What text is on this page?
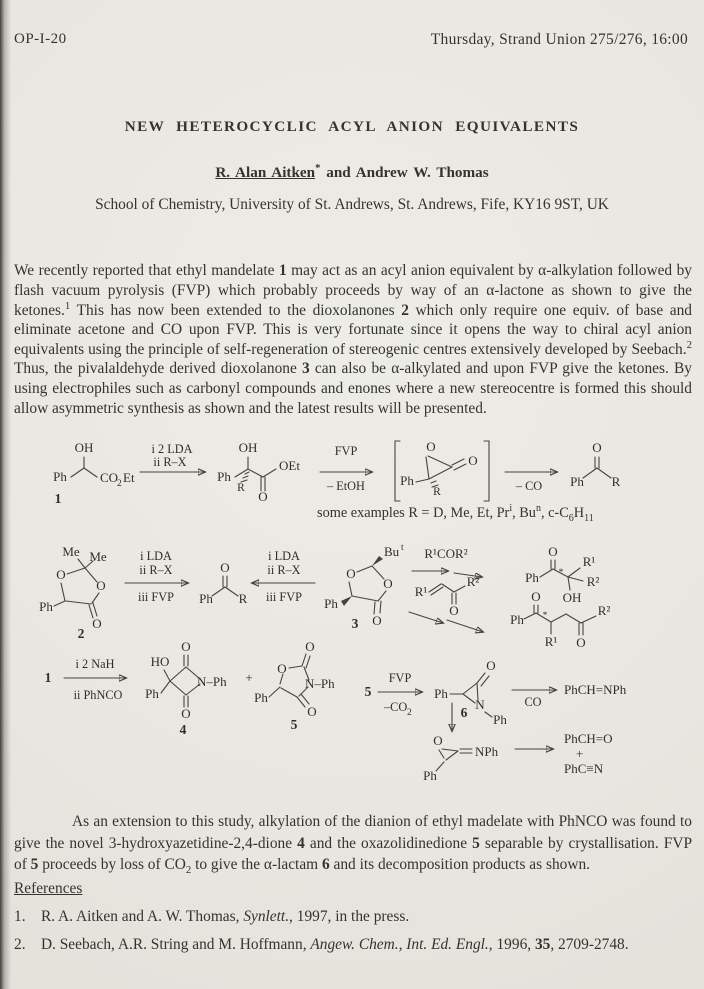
OP-I-20	Thursday, Strand Union 275/276, 16:00
NEW HETEROCYCLIC ACYL ANION EQUIVALENTS
R. Alan Aitken* and Andrew W. Thomas
School of Chemistry, University of St. Andrews, St. Andrews, Fife, KY16 9ST, UK

We recently reported that ethyl mandelate 1 may act as an acyl anion equivalent by α-alkylation followed by flash vacuum pyrolysis (FVP) which probably proceeds by way of an α-lactone as shown to give the ketones.$^1$ This has now been extended to the dioxolanones 2 which only require one equiv. of base and eliminate acetone and CO upon FVP. This is very fortunate since it opens the way to chiral acyl anion equivalents using the principle of self-regeneration of stereogenic centres extensively developed by Seebach.$^2$ Thus, the pivalaldehyde derived dioxolanone 3 can also be α-alkylated and upon FVP give the ketones. By using electrophiles such as carbonyl compounds and enones where a new stereocentre is formed this should allow asymmetric synthesis as shown and the latest results will be presented.

OH
Ph	CO
2 Et
1
i 2 LDA
ii R–X
OH
Ph
R
O
OEt
FVP
– EtOH
O
O
Ph
R	– CO
O
Ph R
Me Me
O
O
Ph
O
2
i LDA
ii R–X
iii FVP
O
Ph R
i LDA
ii R–X
iii FVP
Bu t
O
O
Ph
O
3
R¹COR²
R¹
R²
O
O
Ph *
R¹
R²
OH
O
Ph *
R¹ O
R²
1
i 2 NaH
ii PhNCO
O
O
HO
Ph
N–Ph
4
+
O
O
N–Ph
O
Ph
5
5
FVP
–CO 2
Ph
O
N
Ph
6
CO
PhCH=NPh
O
NPh
Ph
PhCH=O
+
PhC≡N
some examples R = D, Me, Et, Pr$^i$, Bu$^n$, $c-C_6H_{11}$

As an extension to this study, alkylation of the dianion of ethyl madelate with PhNCO was found to give the novel 3-hydroxyazetidine-2,4-dione 4 and the oxazolidinedione 5 separable by crystallisation. FVP of 5 proceeds by loss of $CO_2$ to give the α-lactam 6 and its decomposition products as shown.

References
1.  R. A. Aitken and A. W. Thomas, Synlett., 1997, in the press.
2.  D. Seebach, A.R. String and M. Hoffmann, Angew. Chem., Int. Ed. Engl., 1996, 35, 2709-2748.
